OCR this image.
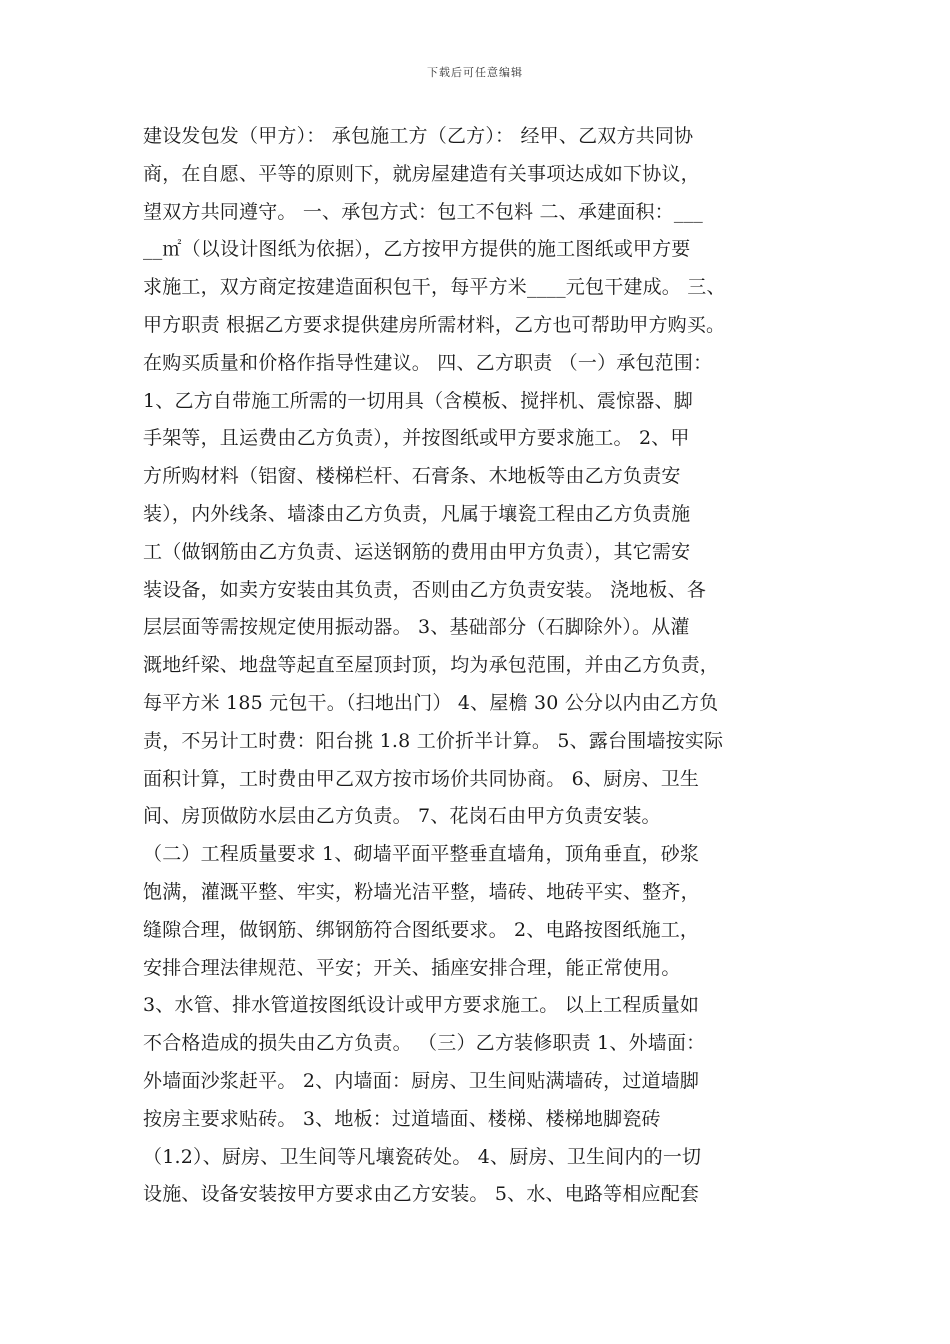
下载后可任意编辑
建设发包发（甲方）： 承包施工方（乙方）： 经甲、乙双方共同协
商，在自愿、平等的原则下，就房屋建造有关事项达成如下协议，
望双方共同遵守。 一、承包方式：包工不包料 二、承建面积：___
__㎡（以设计图纸为依据），乙方按甲方提供的施工图纸或甲方要
求施工，双方商定按建造面积包干，每平方米____元包干建成。 三、
甲方职责 根据乙方要求提供建房所需材料，乙方也可帮助甲方购买。
在购买质量和价格作指导性建议。 四、乙方职责 （一）承包范围：
1、乙方自带施工所需的一切用具（含模板、搅拌机、震惊器、脚
手架等，且运费由乙方负责），并按图纸或甲方要求施工。 2、甲
方所购材料（铝窗、楼梯栏杆、石膏条、木地板等由乙方负责安
装），内外线条、墙漆由乙方负责，凡属于壤瓷工程由乙方负责施
工（做钢筋由乙方负责、运送钢筋的费用由甲方负责），其它需安
装设备，如卖方安装由其负责，否则由乙方负责安装。 浇地板、各
层层面等需按规定使用振动器。 3、基础部分（石脚除外）。从灌
溉地纤梁、地盘等起直至屋顶封顶，均为承包范围，并由乙方负责，
每平方米 185 元包干。（扫地出门） 4、屋檐 30 公分以内由乙方负
责，不另计工时费：阳台挑 1.8 工价折半计算。 5、露台围墙按实际
面积计算，工时费由甲乙双方按市场价共同协商。 6、厨房、卫生
间、房顶做防水层由乙方负责。 7、花岗石由甲方负责安装。
（二）工程质量要求 1、砌墙平面平整垂直墙角，顶角垂直，砂浆
饱满，灌溉平整、牢实，粉墙光洁平整，墙砖、地砖平实、整齐，
缝隙合理，做钢筋、绑钢筋符合图纸要求。 2、电路按图纸施工，
安排合理法律规范、平安；开关、插座安排合理，能正常使用。
3、水管、排水管道按图纸设计或甲方要求施工。 以上工程质量如
不合格造成的损失由乙方负责。 （三）乙方装修职责 1、外墙面：
外墙面沙浆赶平。 2、内墙面：厨房、卫生间贴满墙砖，过道墙脚
按房主要求贴砖。 3、地板：过道墙面、楼梯、楼梯地脚瓷砖
（1.2）、厨房、卫生间等凡壤瓷砖处。 4、厨房、卫生间内的一切
设施、设备安装按甲方要求由乙方安装。 5、水、电路等相应配套
